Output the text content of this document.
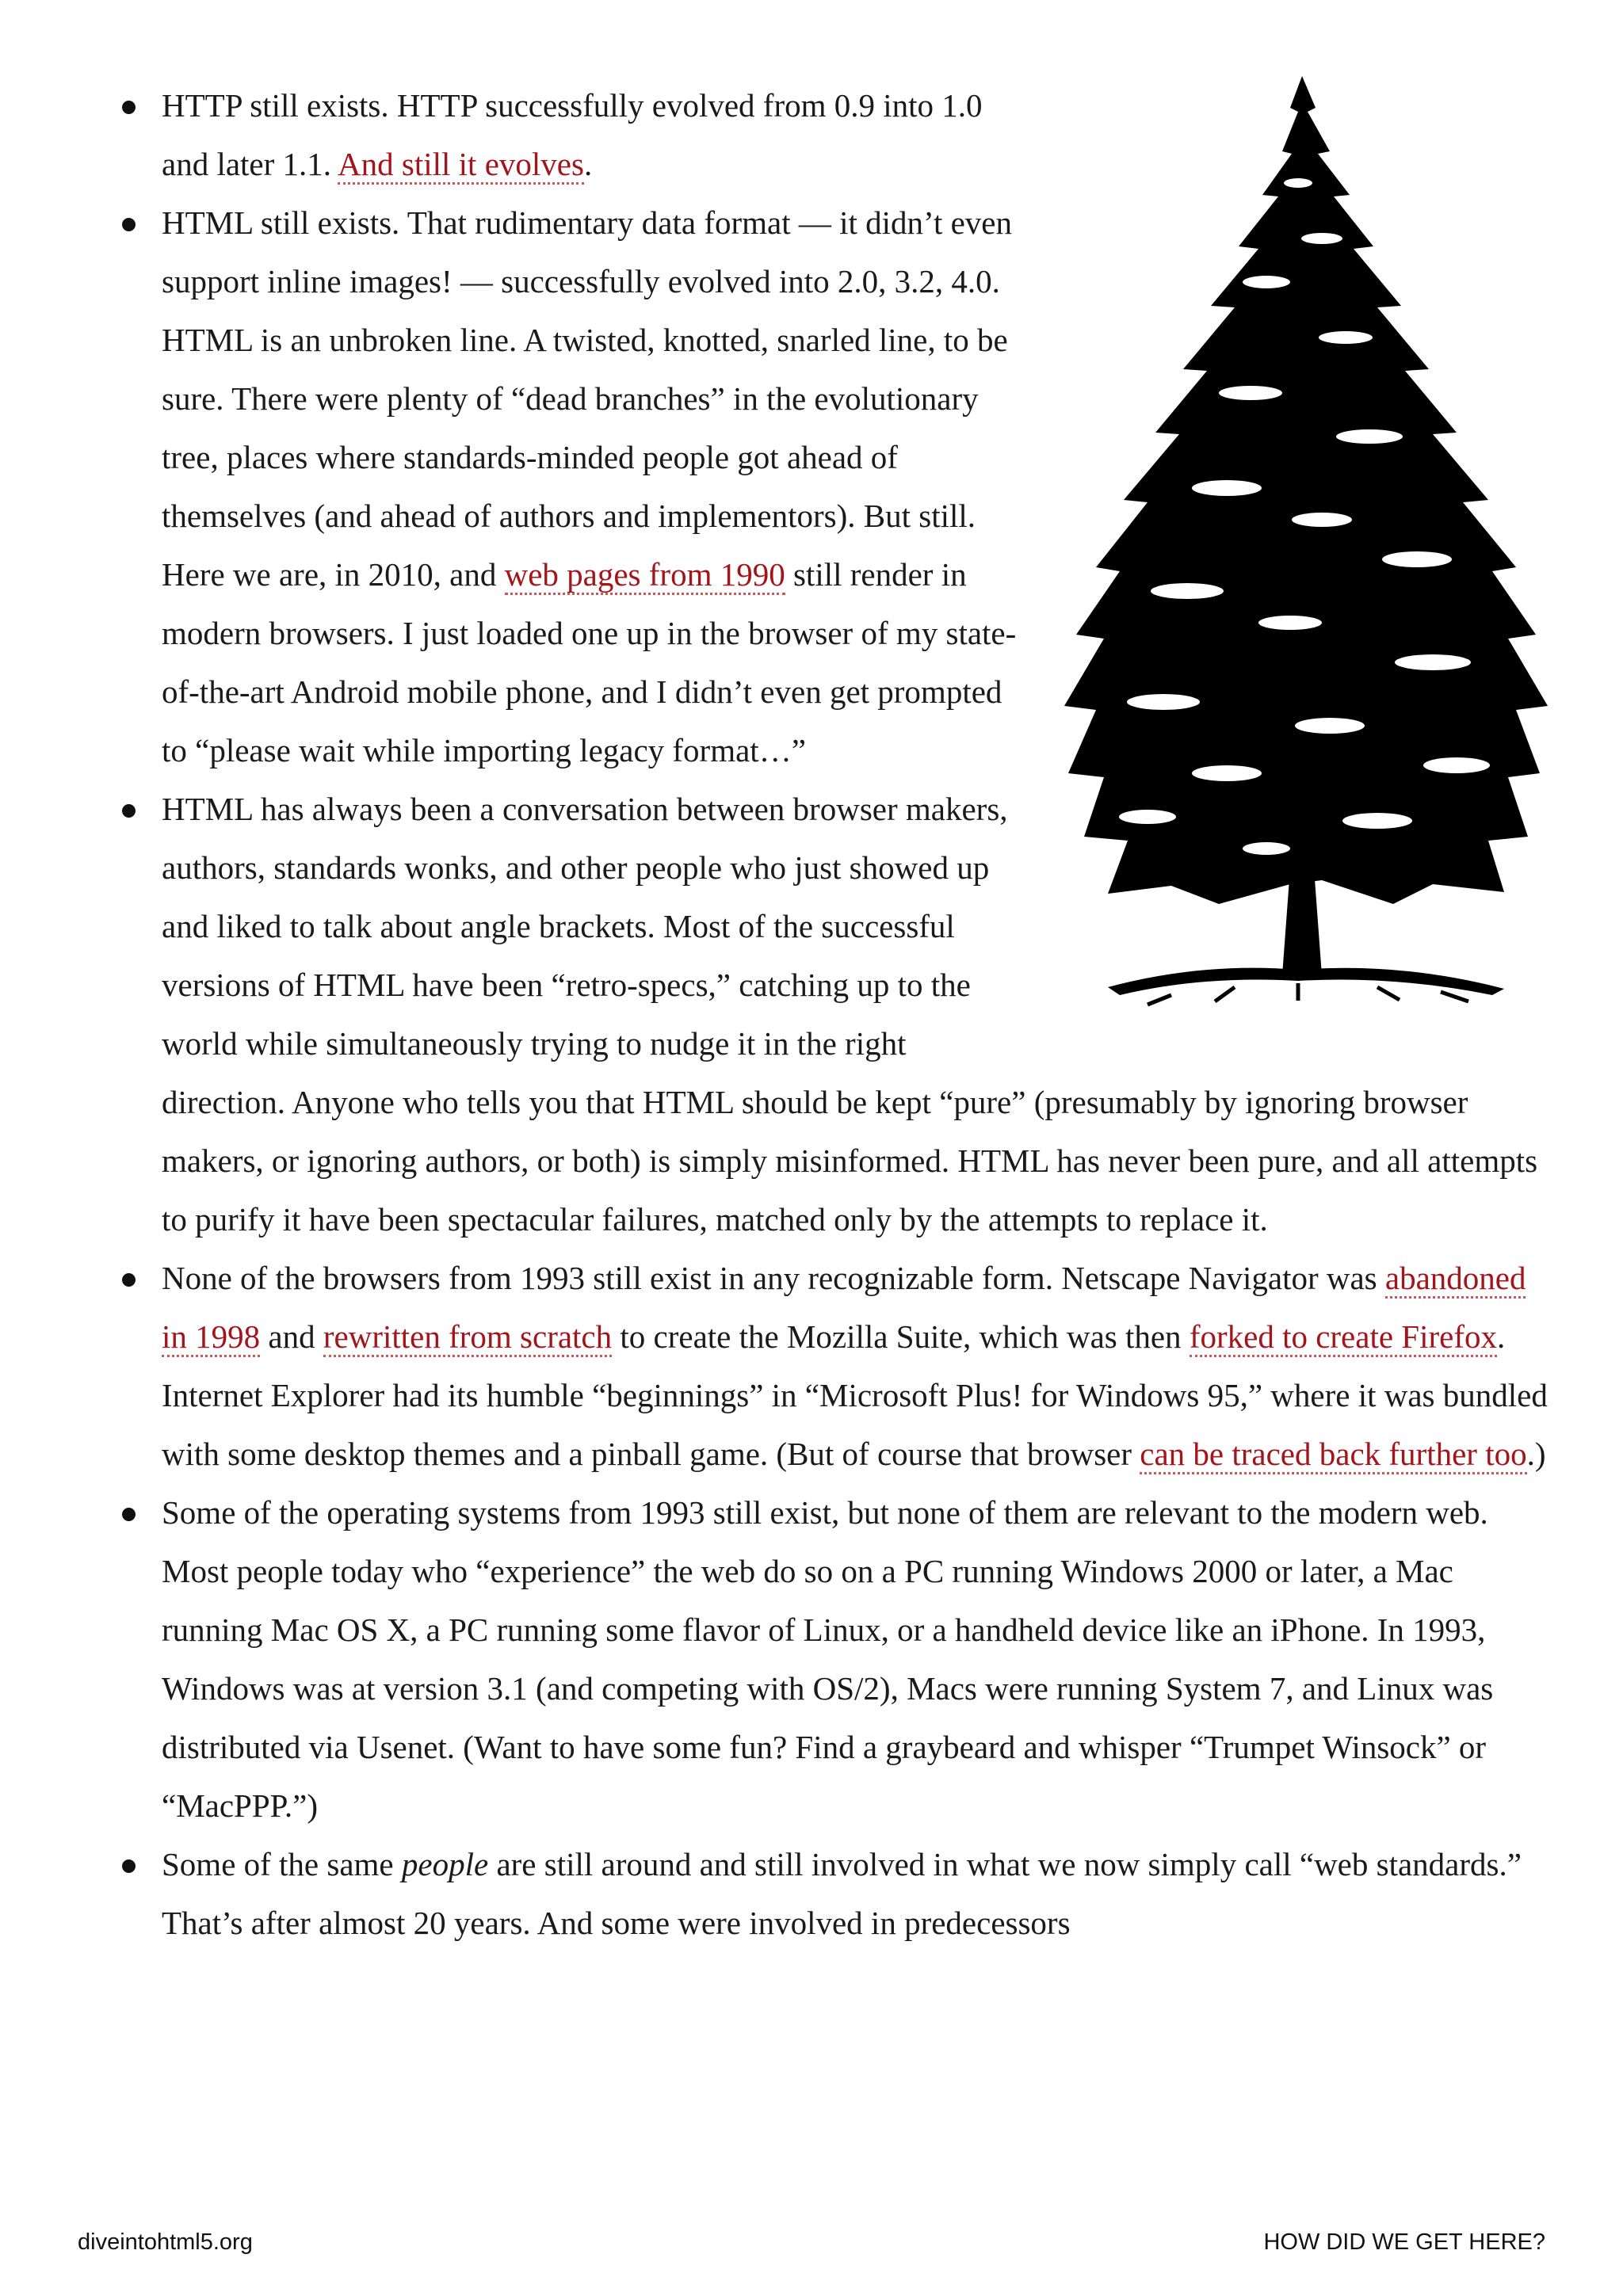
HTTP still exists. HTTP successfully evolved from 0.9 into 1.0 and later 1.1. And still it evolves.
HTML still exists. That rudimentary data format — it didn’t even support inline images! — successfully evolved into 2.0, 3.2, 4.0. HTML is an unbroken line. A twisted, knotted, snarled line, to be sure. There were plenty of “dead branches” in the evolutionary tree, places where standards-minded people got ahead of themselves (and ahead of authors and implementors). But still. Here we are, in 2010, and web pages from 1990 still render in modern browsers. I just loaded one up in the browser of my state-of-the-art Android mobile phone, and I didn’t even get prompted to “please wait while importing legacy format…”
HTML has always been a conversation between browser makers, authors, standards wonks, and other people who just showed up and liked to talk about angle brackets. Most of the successful versions of HTML have been “retro-specs,” catching up to the world while simultaneously trying to nudge it in the right direction. Anyone who tells you that HTML should be kept “pure” (presumably by ignoring browser makers, or ignoring authors, or both) is simply misinformed. HTML has never been pure, and all attempts to purify it have been spectacular failures, matched only by the attempts to replace it.
None of the browsers from 1993 still exist in any recognizable form. Netscape Navigator was abandoned in 1998 and rewritten from scratch to create the Mozilla Suite, which was then forked to create Firefox. Internet Explorer had its humble “beginnings” in “Microsoft Plus! for Windows 95,” where it was bundled with some desktop themes and a pinball game. (But of course that browser can be traced back further too.)
Some of the operating systems from 1993 still exist, but none of them are relevant to the modern web. Most people today who “experience” the web do so on a PC running Windows 2000 or later, a Mac running Mac OS X, a PC running some flavor of Linux, or a handheld device like an iPhone. In 1993, Windows was at version 3.1 (and competing with OS/2), Macs were running System 7, and Linux was distributed via Usenet. (Want to have some fun? Find a graybeard and whisper “Trumpet Winsock” or “MacPPP.”)
Some of the same people are still around and still involved in what we now simply call “web standards.” That’s after almost 20 years. And some were involved in predecessors
diveintohtml5.org	HOW DID WE GET HERE?
